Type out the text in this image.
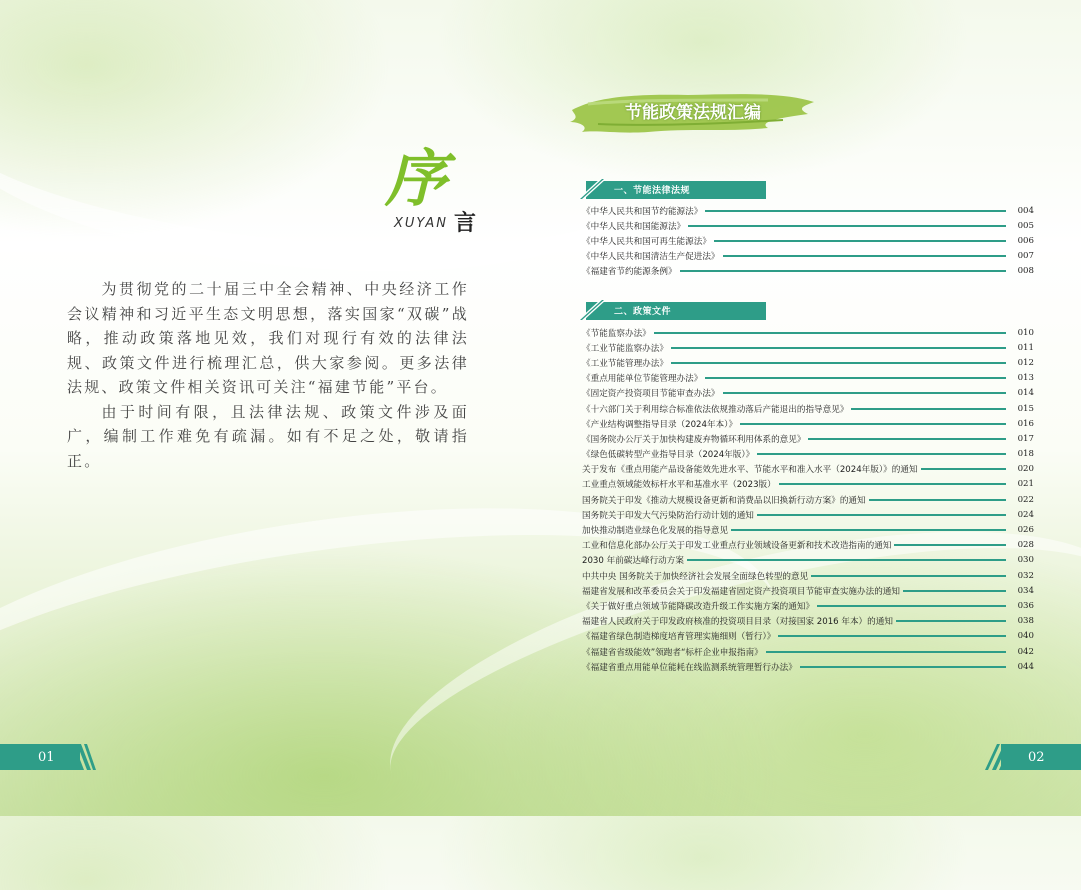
序
XUYAN 言

为贯彻党的二十届三中全会精神、中央经济工作会议精神和习近平生态文明思想，落实国家“双碳”战略，推动政策落地见效，我们对现行有效的法律法规、政策文件进行梳理汇总，供大家参阅。更多法律法规、政策文件相关资讯可关注“福建节能”平台。

由于时间有限，且法律法规、政策文件涉及面广，编制工作难免有疏漏。如有不足之处，敬请指正。

01	02
节能政策法规汇编
一、节能法律法规
《中华人民共和国节约能源法》	004
《中华人民共和国能源法》	005
《中华人民共和国可再生能源法》	006
《中华人民共和国清洁生产促进法》	007
《福建省节约能源条例》	008
二、政策文件
《节能监察办法》	010
《工业节能监察办法》	011
《工业节能管理办法》	012
《重点用能单位节能管理办法》	013
《固定资产投资项目节能审查办法》	014
《十六部门关于利用综合标准依法依规推动落后产能退出的指导意见》	015
《产业结构调整指导目录（2024年本）》	016
《国务院办公厅关于加快构建废弃物循环利用体系的意见》	017
《绿色低碳转型产业指导目录（2024年版）》	018
关于发布《重点用能产品设备能效先进水平、节能水平和准入水平（2024年版）》的通知	020
工业重点领域能效标杆水平和基准水平（2023版）	021
国务院关于印发《推动大规模设备更新和消费品以旧换新行动方案》的通知	022
国务院关于印发大气污染防治行动计划的通知	024
加快推动制造业绿色化发展的指导意见	026
工业和信息化部办公厅关于印发工业重点行业领域设备更新和技术改造指南的通知	028
2030 年前碳达峰行动方案	030
中共中央 国务院关于加快经济社会发展全面绿色转型的意见	032
福建省发展和改革委员会关于印发福建省固定资产投资项目节能审查实施办法的通知	034
《关于做好重点领域节能降碳改造升级工作实施方案的通知》	036
福建省人民政府关于印发政府核准的投资项目目录（对接国家 2016 年本）的通知	038
《福建省绿色制造梯度培育管理实施细则（暂行）》	040
《福建省省级能效”领跑者“标杆企业申报指南》	042
《福建省重点用能单位能耗在线监测系统管理暂行办法》	044
